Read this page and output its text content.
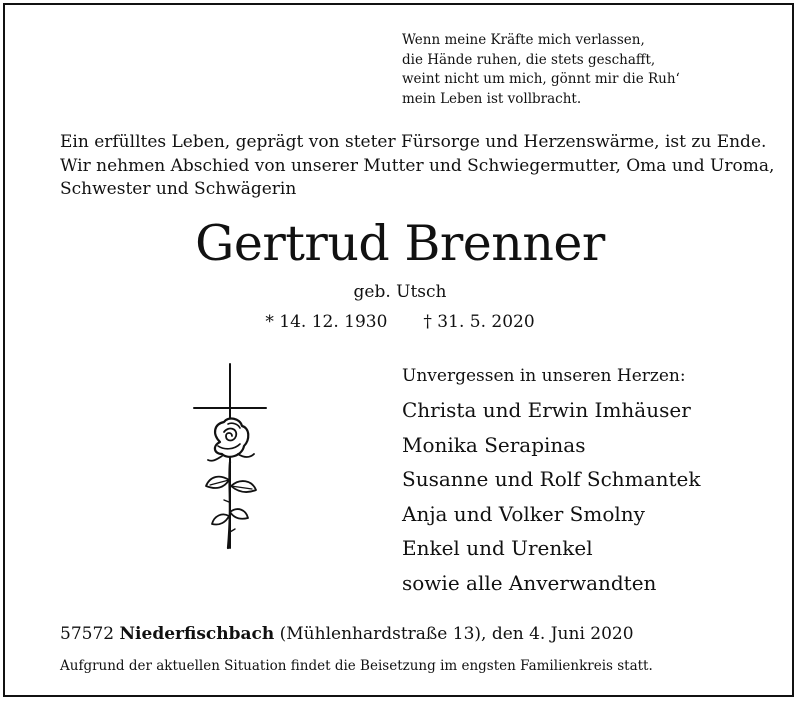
Wenn meine Kräfte mich verlassen,
die Hände ruhen, die stets geschafft,
weint nicht um mich, gönnt mir die Ruh‘
mein Leben ist vollbracht.
Ein erfülltes Leben, geprägt von steter Fürsorge und Herzenswärme, ist zu Ende.
Wir nehmen Abschied von unserer Mutter und Schwiegermutter, Oma und Uroma,
Schwester und Schwägerin
Gertrud Brenner
geb. Utsch
* 14. 12. 1930 † 31. 5. 2020
Unvergessen in unseren Herzen:
Christa und Erwin Imhäuser
Monika Serapinas
Susanne und Rolf Schmantek
Anja und Volker Smolny
Enkel und Urenkel
sowie alle Anverwandten
57572 Niederfischbach (Mühlenhardstraße 13), den 4. Juni 2020
Aufgrund der aktuellen Situation findet die Beisetzung im engsten Familienkreis statt.
